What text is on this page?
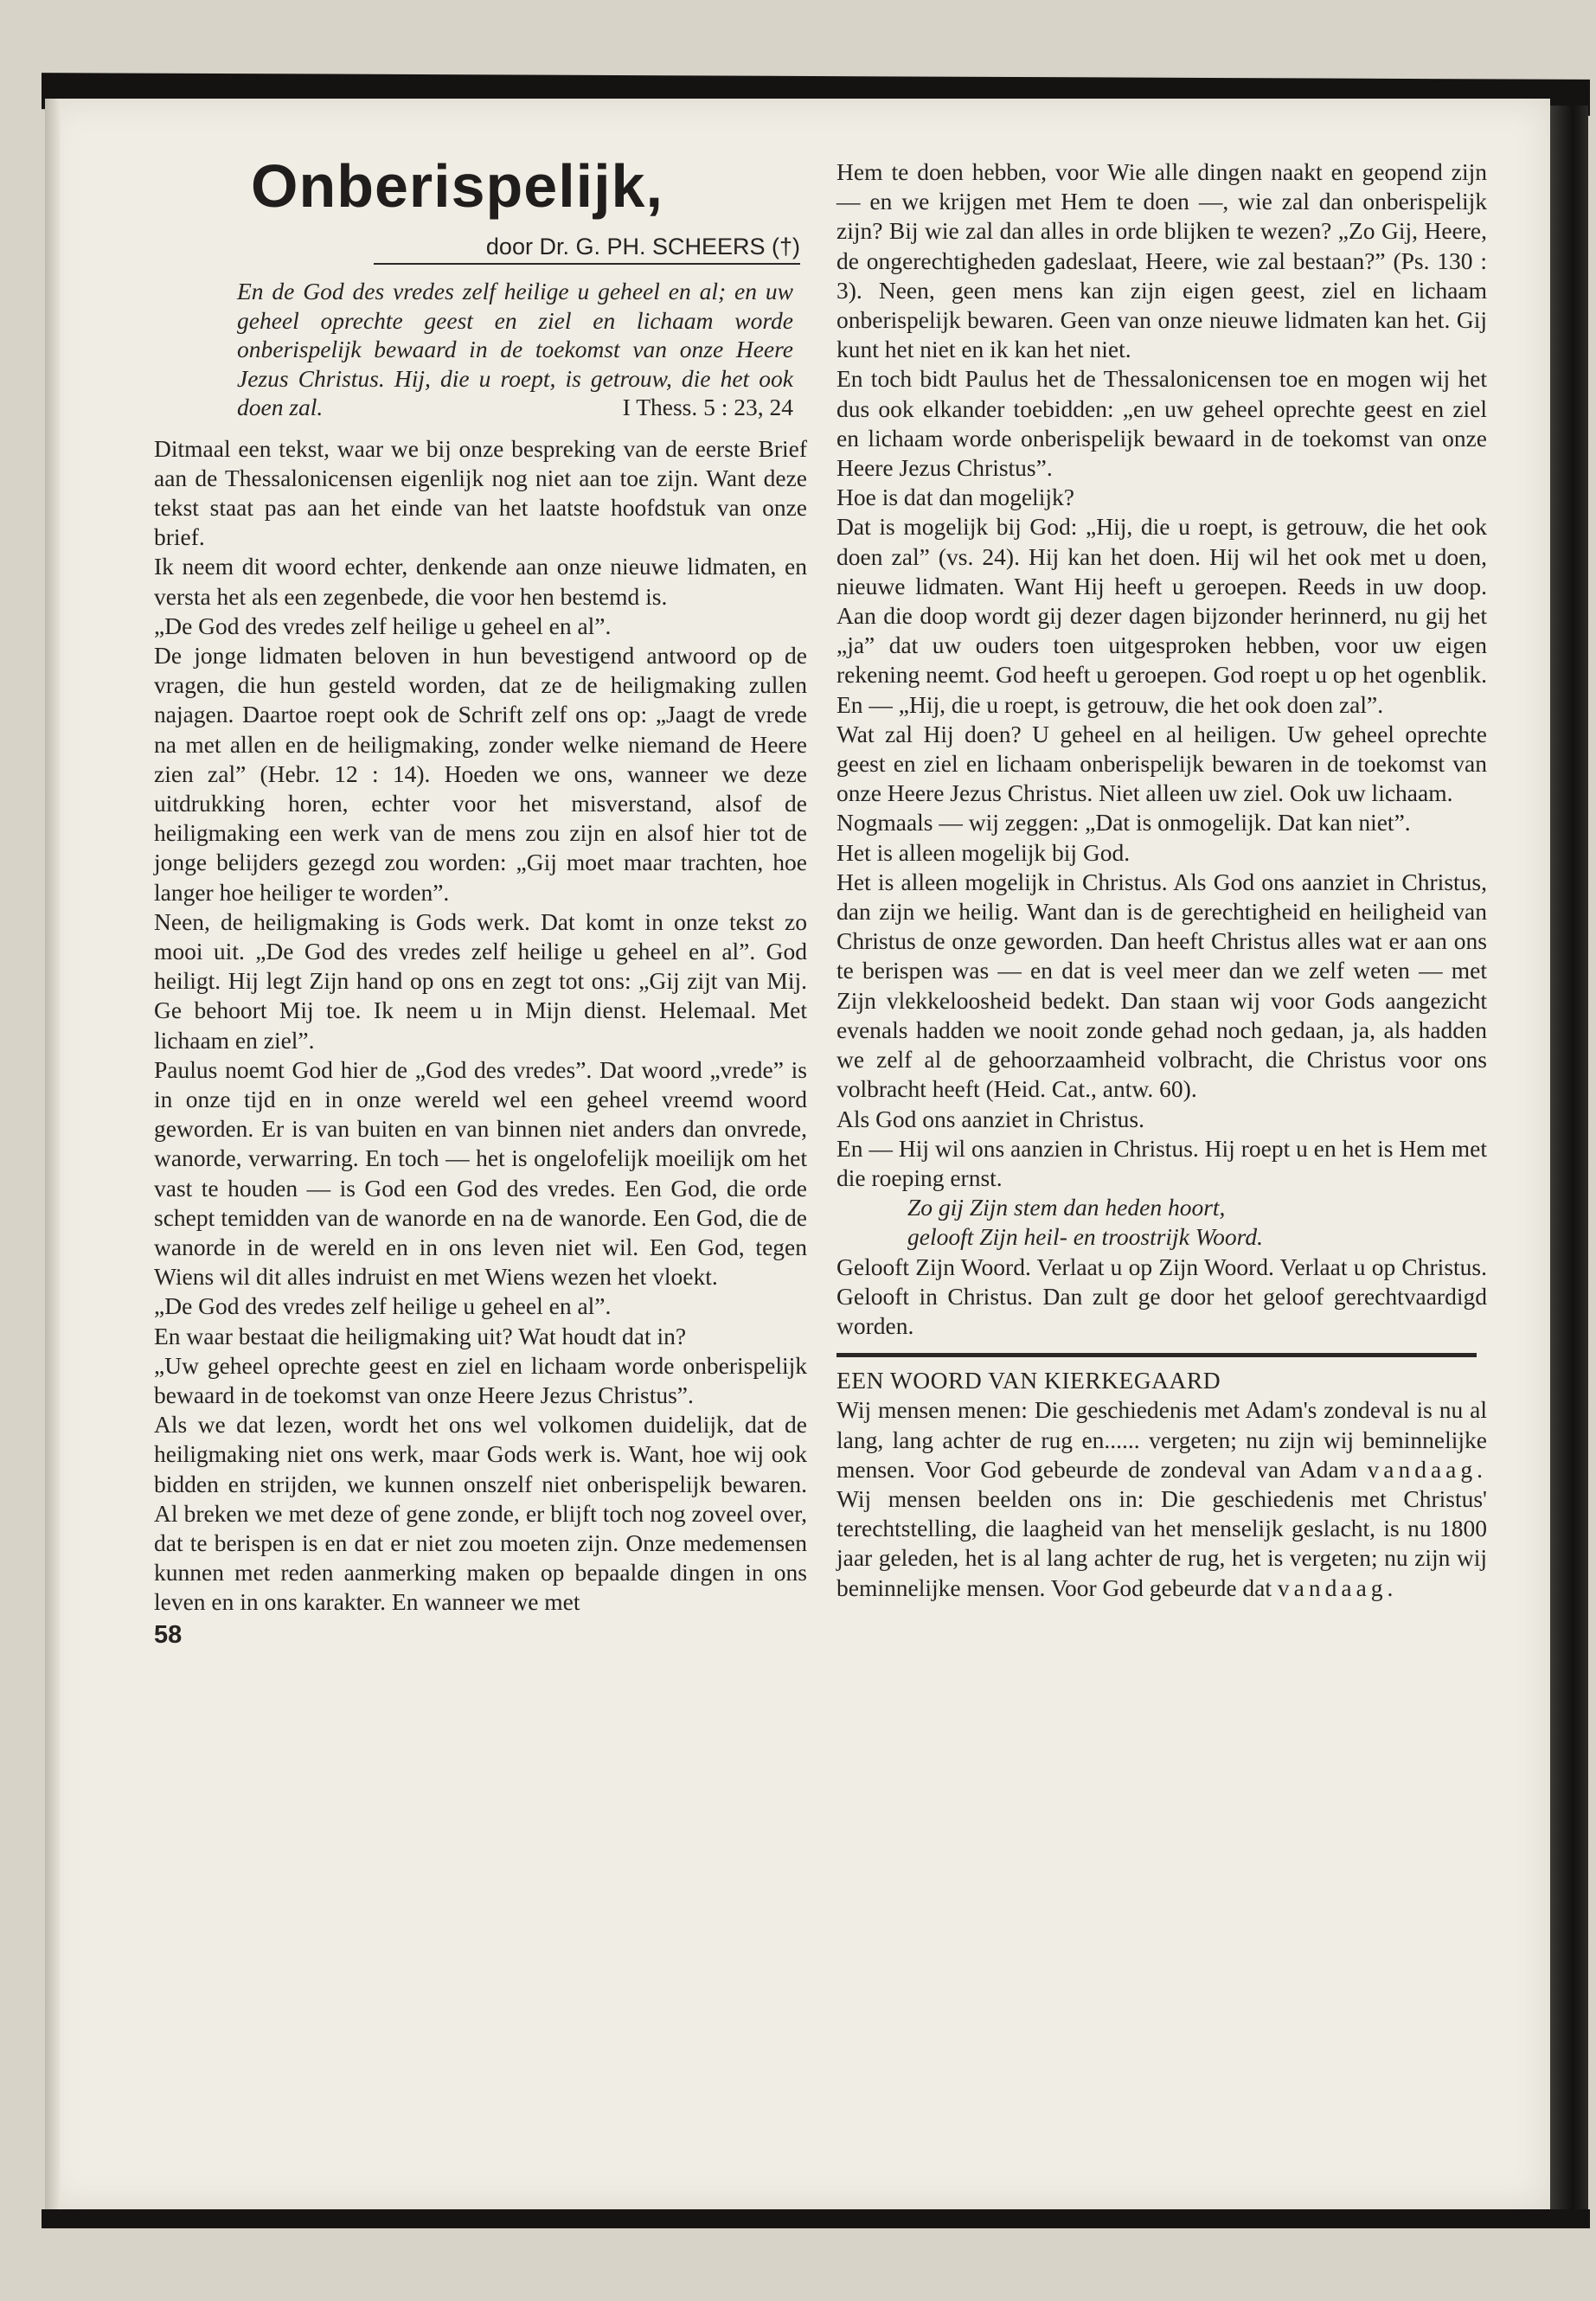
Onberispelijk,
door Dr. G. PH. SCHEERS (†)
En de God des vredes zelf heilige u geheel en al; en uw geheel oprechte geest en ziel en lichaam worde onberispelijk bewaard in de toekomst van onze Heere Jezus Christus. Hij, die u roept, is getrouw, die het ook doen zal.	I Thess. 5 : 23, 24

Ditmaal een tekst, waar we bij onze bespreking van de eerste Brief aan de Thessalonicensen eigenlijk nog niet aan toe zijn. Want deze tekst staat pas aan het einde van het laatste hoofdstuk van onze brief.

Ik neem dit woord echter, denkende aan onze nieuwe lidmaten, en versta het als een zegenbede, die voor hen bestemd is.

„De God des vredes zelf heilige u geheel en al”.

De jonge lidmaten beloven in hun bevestigend antwoord op de vragen, die hun gesteld worden, dat ze de heiligmaking zullen najagen. Daartoe roept ook de Schrift zelf ons op: „Jaagt de vrede na met allen en de heiligmaking, zonder welke niemand de Heere zien zal” (Hebr. 12 : 14). Hoeden we ons, wanneer we deze uitdrukking horen, echter voor het misverstand, alsof de heiligmaking een werk van de mens zou zijn en alsof hier tot de jonge belijders gezegd zou worden: „Gij moet maar trachten, hoe langer hoe heiliger te worden”.

Neen, de heiligmaking is Gods werk. Dat komt in onze tekst zo mooi uit. „De God des vredes zelf heilige u geheel en al”. God heiligt. Hij legt Zijn hand op ons en zegt tot ons: „Gij zijt van Mij. Ge behoort Mij toe. Ik neem u in Mijn dienst. Helemaal. Met lichaam en ziel”.

Paulus noemt God hier de „God des vredes”. Dat woord „vrede” is in onze tijd en in onze wereld wel een geheel vreemd woord geworden. Er is van buiten en van binnen niet anders dan onvrede, wanorde, verwarring. En toch — het is ongelofelijk moeilijk om het vast te houden — is God een God des vredes. Een God, die orde schept temidden van de wanorde en na de wanorde. Een God, die de wanorde in de wereld en in ons leven niet wil. Een God, tegen Wiens wil dit alles indruist en met Wiens wezen het vloekt.

„De God des vredes zelf heilige u geheel en al”.

En waar bestaat die heiligmaking uit? Wat houdt dat in?

„Uw geheel oprechte geest en ziel en lichaam worde onberispelijk bewaard in de toekomst van onze Heere Jezus Christus”.

Als we dat lezen, wordt het ons wel volkomen duidelijk, dat de heiligmaking niet ons werk, maar Gods werk is. Want, hoe wij ook bidden en strijden, we kunnen onszelf niet onberispelijk bewaren. Al breken we met deze of gene zonde, er blijft toch nog zoveel over, dat te berispen is en dat er niet zou moeten zijn. Onze medemensen kunnen met reden aanmerking maken op bepaalde dingen in ons leven en in ons karakter. En wanneer we met

58

Hem te doen hebben, voor Wie alle dingen naakt en geopend zijn — en we krijgen met Hem te doen —, wie zal dan onberispelijk zijn? Bij wie zal dan alles in orde blijken te wezen? „Zo Gij, Heere, de ongerechtigheden gadeslaat, Heere, wie zal bestaan?” (Ps. 130 : 3). Neen, geen mens kan zijn eigen geest, ziel en lichaam onberispelijk bewaren. Geen van onze nieuwe lidmaten kan het. Gij kunt het niet en ik kan het niet.

En toch bidt Paulus het de Thessalonicensen toe en mogen wij het dus ook elkander toebidden: „en uw geheel oprechte geest en ziel en lichaam worde onberispelijk bewaard in de toekomst van onze Heere Jezus Christus”.

Hoe is dat dan mogelijk?

Dat is mogelijk bij God: „Hij, die u roept, is getrouw, die het ook doen zal” (vs. 24). Hij kan het doen. Hij wil het ook met u doen, nieuwe lidmaten. Want Hij heeft u geroepen. Reeds in uw doop. Aan die doop wordt gij dezer dagen bijzonder herinnerd, nu gij het „ja” dat uw ouders toen uitgesproken hebben, voor uw eigen rekening neemt. God heeft u geroepen. God roept u op het ogenblik. En — „Hij, die u roept, is getrouw, die het ook doen zal”.

Wat zal Hij doen? U geheel en al heiligen. Uw geheel oprechte geest en ziel en lichaam onberispelijk bewaren in de toekomst van onze Heere Jezus Christus. Niet alleen uw ziel. Ook uw lichaam.

Nogmaals — wij zeggen: „Dat is onmogelijk. Dat kan niet”.

Het is alleen mogelijk bij God.

Het is alleen mogelijk in Christus. Als God ons aanziet in Christus, dan zijn we heilig. Want dan is de gerechtigheid en heiligheid van Christus de onze geworden. Dan heeft Christus alles wat er aan ons te berispen was — en dat is veel meer dan we zelf weten — met Zijn vlekkeloosheid bedekt. Dan staan wij voor Gods aangezicht evenals hadden we nooit zonde gehad noch gedaan, ja, als hadden we zelf al de gehoorzaamheid volbracht, die Christus voor ons volbracht heeft (Heid. Cat., antw. 60).

Als God ons aanziet in Christus.

En — Hij wil ons aanzien in Christus. Hij roept u en het is Hem met die roeping ernst.

Zo gij Zijn stem dan heden hoort,

gelooft Zijn heil- en troostrijk Woord.

Gelooft Zijn Woord. Verlaat u op Zijn Woord. Verlaat u op Christus. Gelooft in Christus. Dan zult ge door het geloof gerechtvaardigd worden.

EEN WOORD VAN KIERKEGAARD

Wij mensen menen: Die geschiedenis met Adam's zondeval is nu al lang, lang achter de rug en...... vergeten; nu zijn wij beminnelijke mensen. Voor God gebeurde de zondeval van Adam vandaag. Wij mensen beelden ons in: Die geschiedenis met Christus' terechtstelling, die laagheid van het menselijk geslacht, is nu 1800 jaar geleden, het is al lang achter de rug, het is vergeten; nu zijn wij beminnelijke mensen. Voor God gebeurde dat vandaag.
